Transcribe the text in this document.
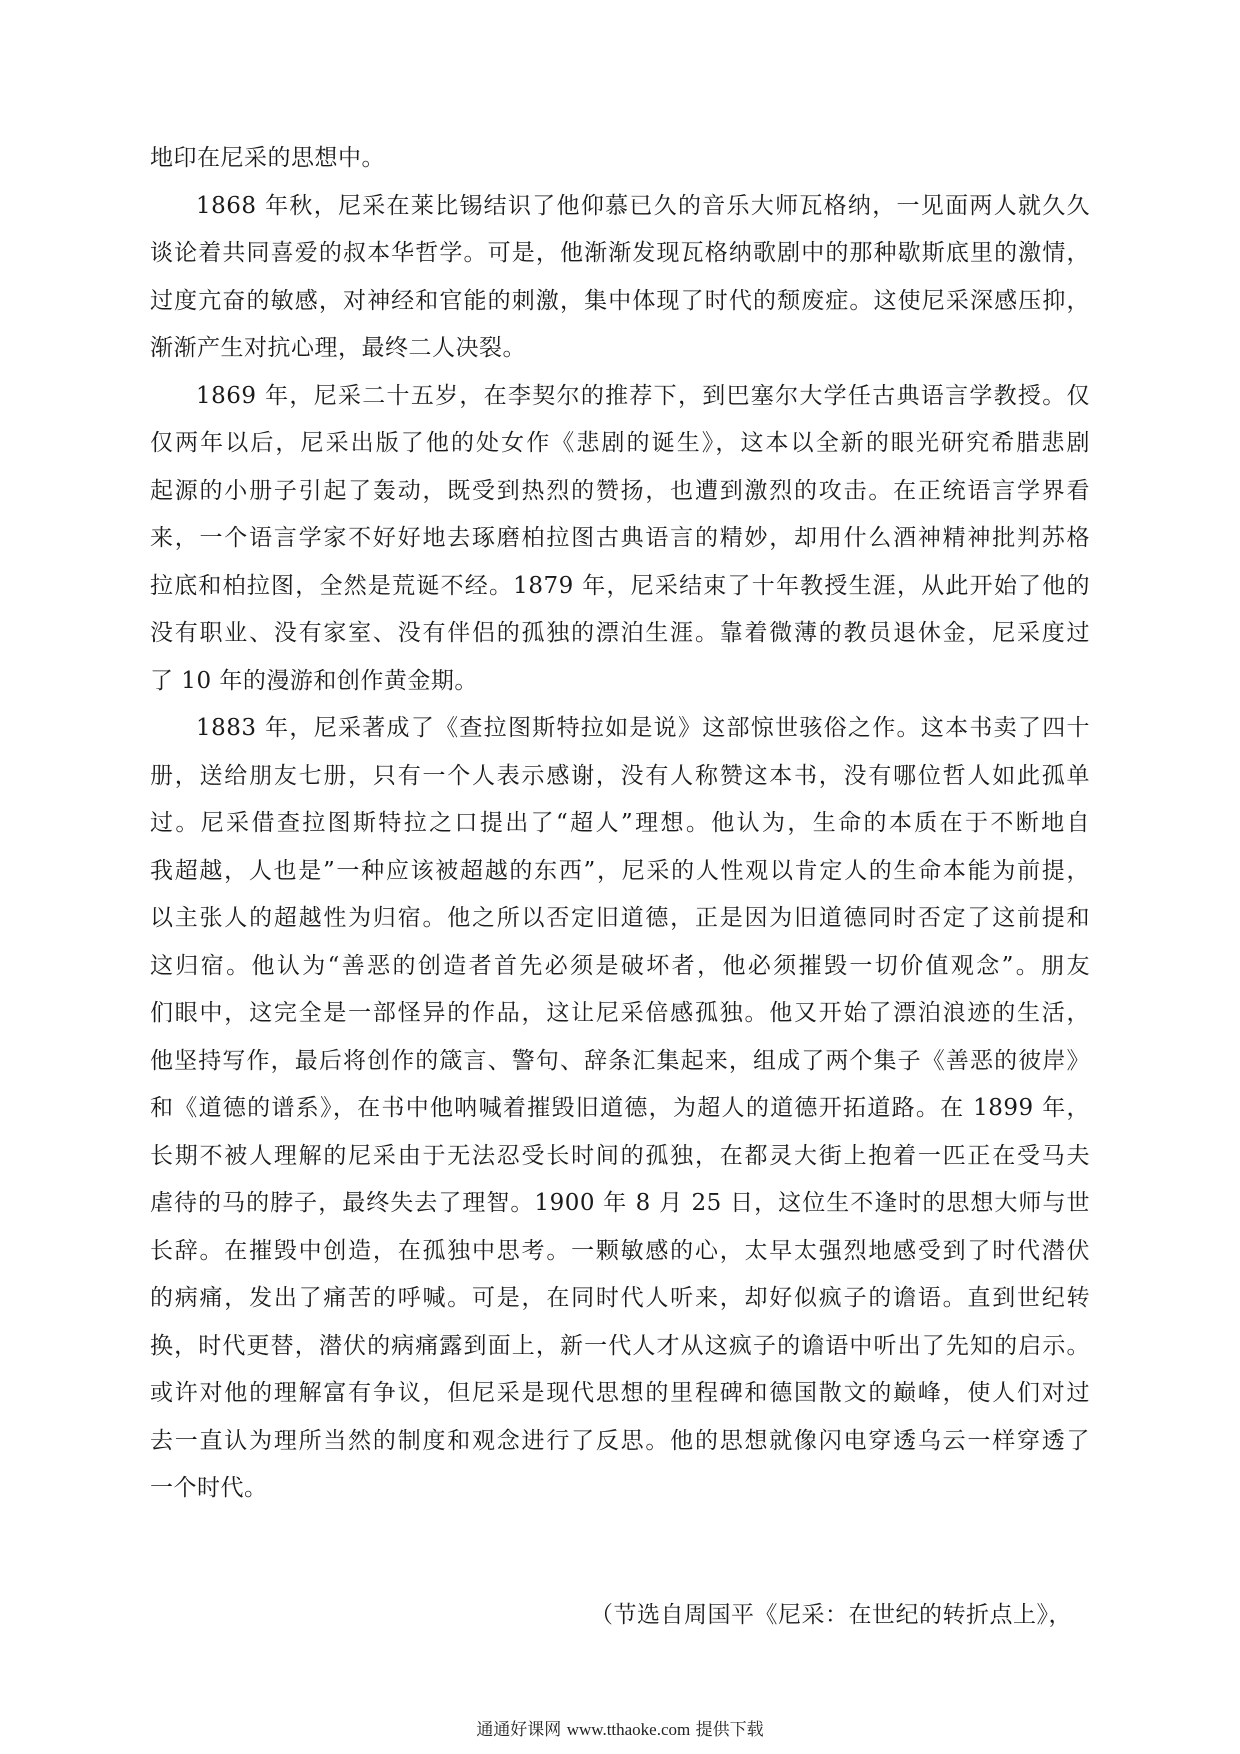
地印在尼采的思想中。
1868 年秋，尼采在莱比锡结识了他仰慕已久的音乐大师瓦格纳，一见面两人就久久
谈论着共同喜爱的叔本华哲学。可是，他渐渐发现瓦格纳歌剧中的那种歇斯底里的激情，
过度亢奋的敏感，对神经和官能的刺激，集中体现了时代的颓废症。这使尼采深感压抑，
渐渐产生对抗心理，最终二人决裂。
1869 年，尼采二十五岁，在李契尔的推荐下，到巴塞尔大学任古典语言学教授。仅
仅两年以后，尼采出版了他的处女作《悲剧的诞生》，这本以全新的眼光研究希腊悲剧
起源的小册子引起了轰动，既受到热烈的赞扬，也遭到激烈的攻击。在正统语言学界看
来，一个语言学家不好好地去琢磨柏拉图古典语言的精妙，却用什么酒神精神批判苏格
拉底和柏拉图，全然是荒诞不经。1879 年，尼采结束了十年教授生涯，从此开始了他的
没有职业、没有家室、没有伴侣的孤独的漂泊生涯。靠着微薄的教员退休金，尼采度过
了 10 年的漫游和创作黄金期。
1883 年，尼采著成了《查拉图斯特拉如是说》这部惊世骇俗之作。这本书卖了四十
册，送给朋友七册，只有一个人表示感谢，没有人称赞这本书，没有哪位哲人如此孤单
过。尼采借查拉图斯特拉之口提出了“超人”理想。他认为，生命的本质在于不断地自
我超越，人也是”一种应该被超越的东西”，尼采的人性观以肯定人的生命本能为前提，
以主张人的超越性为归宿。他之所以否定旧道德，正是因为旧道德同时否定了这前提和
这归宿。他认为“善恶的创造者首先必须是破坏者，他必须摧毁一切价值观念”。朋友
们眼中，这完全是一部怪异的作品，这让尼采倍感孤独。他又开始了漂泊浪迹的生活，
他坚持写作，最后将创作的箴言、警句、辞条汇集起来，组成了两个集子《善恶的彼岸》
和《道德的谱系》，在书中他呐喊着摧毁旧道德，为超人的道德开拓道路。在 1899 年，
长期不被人理解的尼采由于无法忍受长时间的孤独，在都灵大街上抱着一匹正在受马夫
虐待的马的脖子，最终失去了理智。1900 年 8 月 25 日，这位生不逢时的思想大师与世
长辞。在摧毁中创造，在孤独中思考。一颗敏感的心，太早太强烈地感受到了时代潜伏
的病痛，发出了痛苦的呼喊。可是，在同时代人听来，却好似疯子的谵语。直到世纪转
换，时代更替，潜伏的病痛露到面上，新一代人才从这疯子的谵语中听出了先知的启示。
或许对他的理解富有争议，但尼采是现代思想的里程碑和德国散文的巅峰，使人们对过
去一直认为理所当然的制度和观念进行了反思。他的思想就像闪电穿透乌云一样穿透了
一个时代。
（节选自周国平《尼采：在世纪的转折点上》，
通通好课网 www.tthaoke.com 提供下载
